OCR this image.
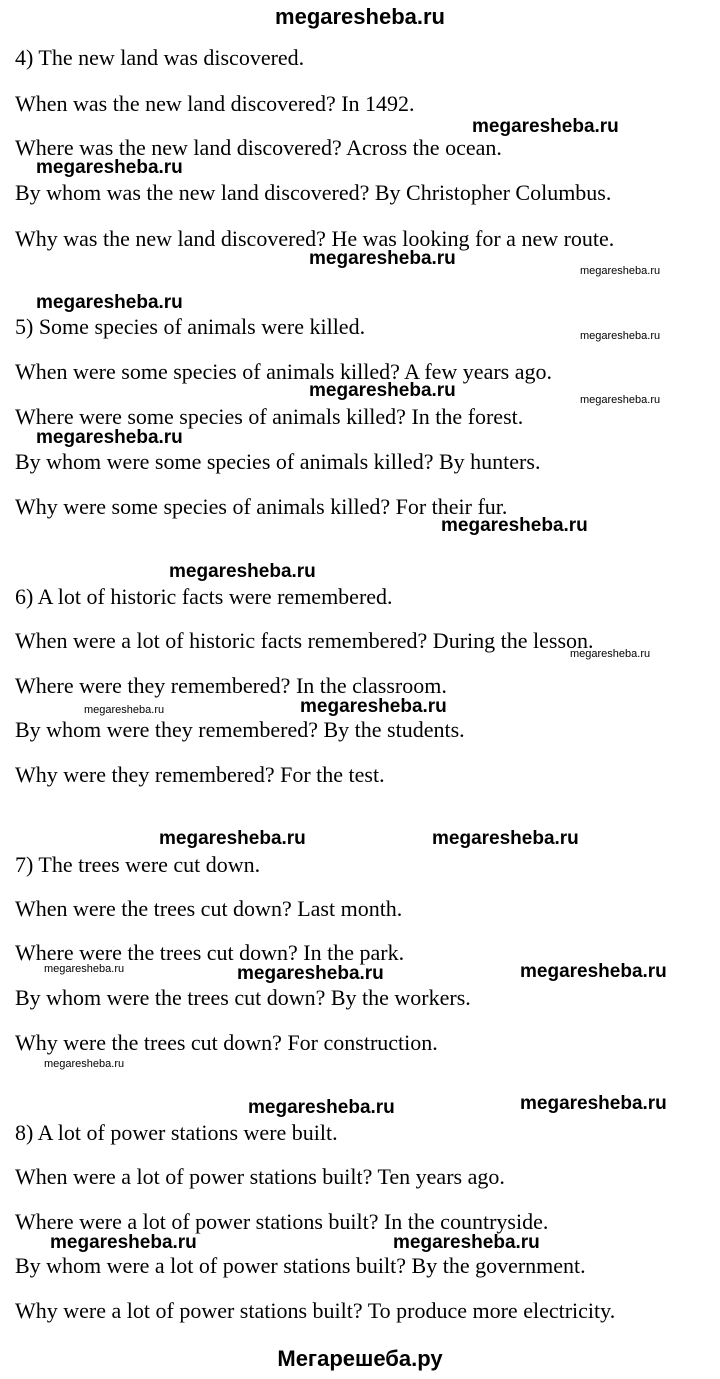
megaresheba.ru
Мегарешеба.ру
4) The new land was discovered.
When was the new land discovered? In 1492.
Where was the new land discovered? Across the ocean.
By whom was the new land discovered? By Christopher Columbus.
Why was the new land discovered? He was looking for a new route.
5) Some species of animals were killed.
When were some species of animals killed? A few years ago.
Where were some species of animals killed? In the forest.
By whom were some species of animals killed? By hunters.
Why were some species of animals killed? For their fur.
6) A lot of historic facts were remembered.
When were a lot of historic facts remembered? During the lesson.
Where were they remembered? In the classroom.
By whom were they remembered? By the students.
Why were they remembered? For the test.
7) The trees were cut down.
When were the trees cut down? Last month.
Where were the trees cut down? In the park.
By whom were the trees cut down? By the workers.
Why were the trees cut down? For construction.
8) A lot of power stations were built.
When were a lot of power stations built? Ten years ago.
Where were a lot of power stations built? In the countryside.
By whom were a lot of power stations built? By the government.
Why were a lot of power stations built? To produce more electricity.
megaresheba.ru
megaresheba.ru
megaresheba.ru
megaresheba.ru
megaresheba.ru
megaresheba.ru
megaresheba.ru	megaresheba.ru
megaresheba.ru
megaresheba.ru
megaresheba.ru
megaresheba.ru
megaresheba.ru	megaresheba.ru
megaresheba.ru	megaresheba.ru
megaresheba.ru	megaresheba.ru	megaresheba.ru
megaresheba.ru
megaresheba.ru	megaresheba.ru
megaresheba.ru	megaresheba.ru
